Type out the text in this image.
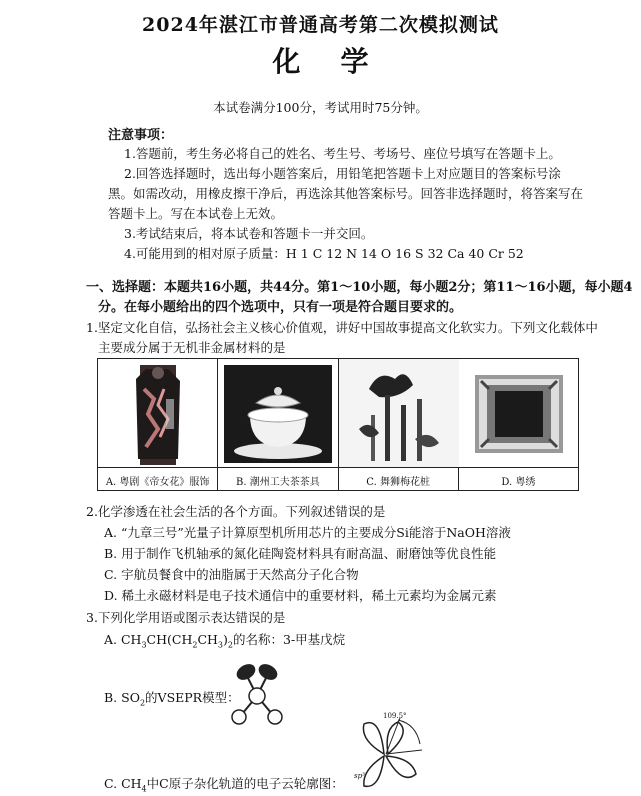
2024年湛江市普通高考第二次模拟测试
化学
本试卷满分100分，考试用时75分钟。
注意事项：
1.答题前，考生务必将自己的姓名、考生号、考场号、座位号填写在答题卡上。
2.回答选择题时，选出每小题答案后，用铅笔把答题卡上对应题目的答案标号涂
黑。如需改动，用橡皮擦干净后，再选涂其他答案标号。回答非选择题时，将答案写在
答题卡上。写在本试卷上无效。
3.考试结束后，将本试卷和答题卡一并交回。
4.可能用到的相对原子质量：H 1 C 12 N 14 O 16 S 32 Ca 40 Cr 52
一、选择题：本题共16小题，共44分。第1～10小题，每小题2分；第11～16小题，每小题4
分。在每小题给出的四个选项中，只有一项是符合题目要求的。
1.坚定文化自信，弘扬社会主义核心价值观，讲好中国故事提高文化软实力。下列文化载体中
主要成分属于无机非金属材料的是
A. 粤剧《帝女花》服饰	B. 潮州工夫茶茶具	C. 舞狮梅花桩	D. 粤绣
2.化学渗透在社会生活的各个方面。下列叙述错误的是
A. “九章三号”光量子计算原型机所用芯片的主要成分Si能溶于NaOH溶液
B. 用于制作飞机轴承的氮化硅陶瓷材料具有耐高温、耐磨蚀等优良性能
C. 宇航员餐食中的油脂属于天然高分子化合物
D. 稀土永磁材料是电子技术通信中的重要材料，稀土元素均为金属元素
3.下列化学用语或图示表达错误的是
A. $CH_3CH(CH_2CH_3)_2$的名称：3-甲基戊烷
B. $SO_2$的VSEPR模型：
109.5°
sp³
C. $CH_4$中C原子杂化轨道的电子云轮廓图：
